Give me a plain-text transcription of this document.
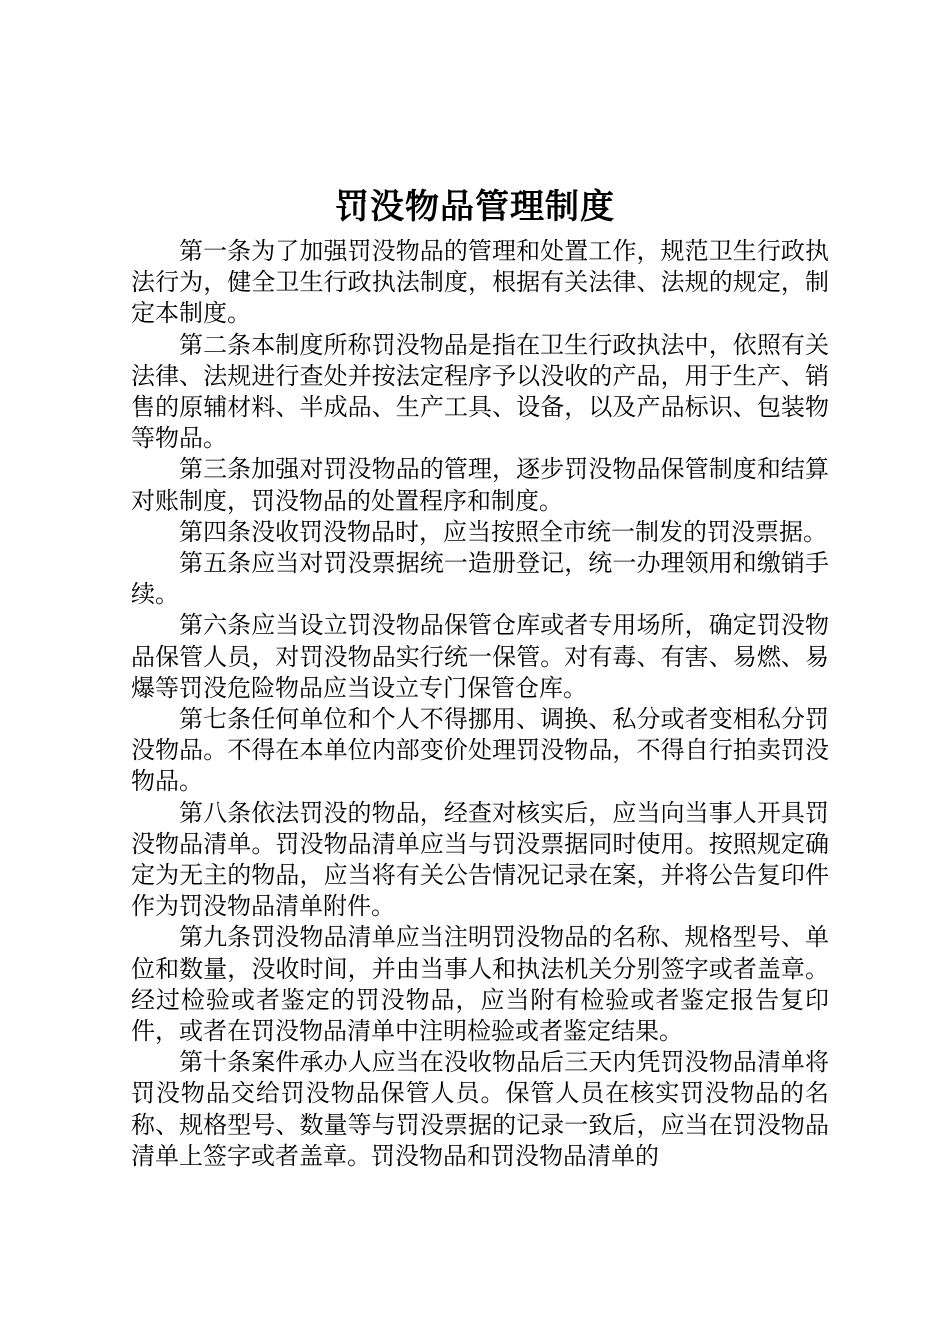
罚没物品管理制度

第一条为了加强罚没物品的管理和处置工作，规范卫生行政执法行为，健全卫生行政执法制度，根据有关法律、法规的规定，制定本制度。

第二条本制度所称罚没物品是指在卫生行政执法中，依照有关法律、法规进行查处并按法定程序予以没收的产品，用于生产、销售的原辅材料、半成品、生产工具、设备，以及产品标识、包装物等物品。

第三条加强对罚没物品的管理，逐步罚没物品保管制度和结算对账制度，罚没物品的处置程序和制度。

第四条没收罚没物品时，应当按照全市统一制发的罚没票据。

第五条应当对罚没票据统一造册登记，统一办理领用和缴销手续。

第六条应当设立罚没物品保管仓库或者专用场所，确定罚没物品保管人员，对罚没物品实行统一保管。对有毒、有害、易燃、易爆等罚没危险物品应当设立专门保管仓库。

第七条任何单位和个人不得挪用、调换、私分或者变相私分罚没物品。不得在本单位内部变价处理罚没物品，不得自行拍卖罚没物品。

第八条依法罚没的物品，经查对核实后，应当向当事人开具罚没物品清单。罚没物品清单应当与罚没票据同时使用。按照规定确定为无主的物品，应当将有关公告情况记录在案，并将公告复印件作为罚没物品清单附件。

第九条罚没物品清单应当注明罚没物品的名称、规格型号、单位和数量，没收时间，并由当事人和执法机关分别签字或者盖章。经过检验或者鉴定的罚没物品，应当附有检验或者鉴定报告复印件，或者在罚没物品清单中注明检验或者鉴定结果。

第十条案件承办人应当在没收物品后三天内凭罚没物品清单将罚没物品交给罚没物品保管人员。保管人员在核实罚没物品的名称、规格型号、数量等与罚没票据的记录一致后，应当在罚没物品清单上签字或者盖章。罚没物品和罚没物品清单的
